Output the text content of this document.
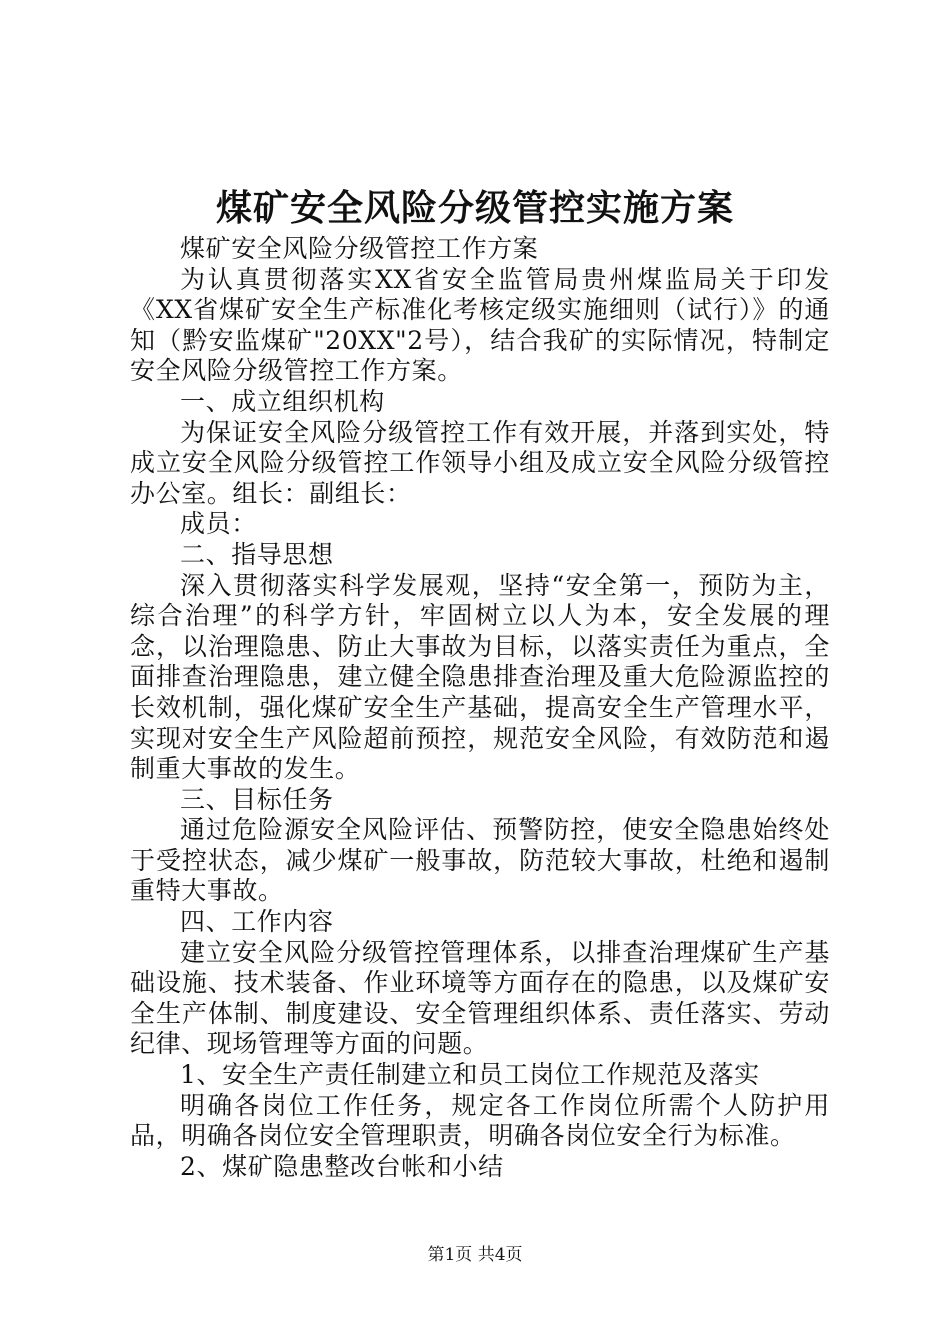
煤矿安全风险分级管控实施方案

煤矿安全风险分级管控工作方案

为认真贯彻落实XX省安全监管局贵州煤监局关于印发《XX省煤矿安全生产标准化考核定级实施细则（试行）》的通知（黔安监煤矿"20XX"2号），结合我矿的实际情况，特制定安全风险分级管控工作方案。

一、成立组织机构

为保证安全风险分级管控工作有效开展，并落到实处，特成立安全风险分级管控工作领导小组及成立安全风险分级管控办公室。组长：副组长：

成员：

二、指导思想

深入贯彻落实科学发展观，坚持“安全第一，预防为主，综合治理”的科学方针，牢固树立以人为本，安全发展的理念，以治理隐患、防止大事故为目标，以落实责任为重点，全面排查治理隐患，建立健全隐患排查治理及重大危险源监控的长效机制，强化煤矿安全生产基础，提高安全生产管理水平，实现对安全生产风险超前预控，规范安全风险，有效防范和遏制重大事故的发生。

三、目标任务

通过危险源安全风险评估、预警防控，使安全隐患始终处于受控状态，减少煤矿一般事故，防范较大事故，杜绝和遏制重特大事故。

四、工作内容

建立安全风险分级管控管理体系，以排查治理煤矿生产基础设施、技术装备、作业环境等方面存在的隐患，以及煤矿安全生产体制、制度建设、安全管理组织体系、责任落实、劳动纪律、现场管理等方面的问题。

1、安全生产责任制建立和员工岗位工作规范及落实

明确各岗位工作任务，规定各工作岗位所需个人防护用品，明确各岗位安全管理职责，明确各岗位安全行为标准。

2、煤矿隐患整改台帐和小结

第1页 共4页
